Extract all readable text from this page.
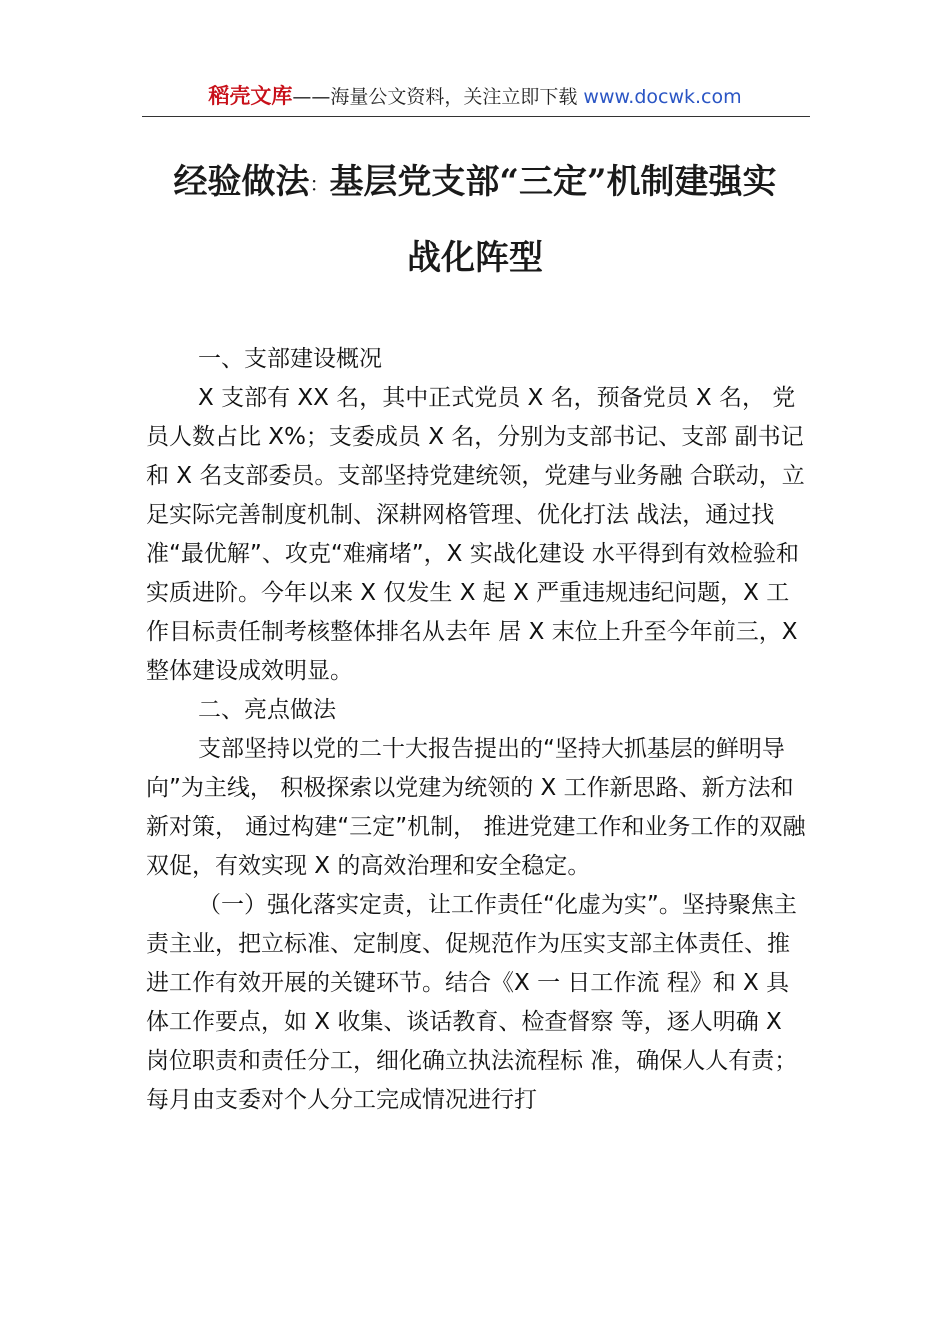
稻壳文库——海量公文资料，关注立即下载 www.docwk.com
经验做法：基层党支部“三定”机制建强实
战化阵型

一、支部建设概况

X 支部有 XX 名，其中正式党员 X 名，预备党员 X 名， 党员人数占比 X%；支委成员 X 名，分别为支部书记、支部 副书记和 X 名支部委员。支部坚持党建统领，党建与业务融 合联动，立足实际完善制度机制、深耕网格管理、优化打法 战法，通过找准“最优解”、攻克“难痛堵”，X 实战化建设 水平得到有效检验和实质进阶。今年以来 X 仅发生 X 起 X 严重违规违纪问题，X 工作目标责任制考核整体排名从去年 居 X 末位上升至今年前三，X 整体建设成效明显。

二、亮点做法

支部坚持以党的二十大报告提出的“坚持大抓基层的鲜明导向”为主线， 积极探索以党建为统领的 X 工作新思路、新方法和新对策， 通过构建“三定”机制， 推进党建工作和业务工作的双融双促，有效实现 X 的高效治理和安全稳定。

（一）强化落实定责，让工作责任“化虚为实”。坚持聚焦主责主业，把立标准、定制度、促规范作为压实支部主体责任、推进工作有效开展的关键环节。结合《X 一 日工作流 程》和 X 具体工作要点，如 X 收集、谈话教育、检查督察 等，逐人明确 X 岗位职责和责任分工，细化确立执法流程标 准，确保人人有责；每月由支委对个人分工完成情况进行打
